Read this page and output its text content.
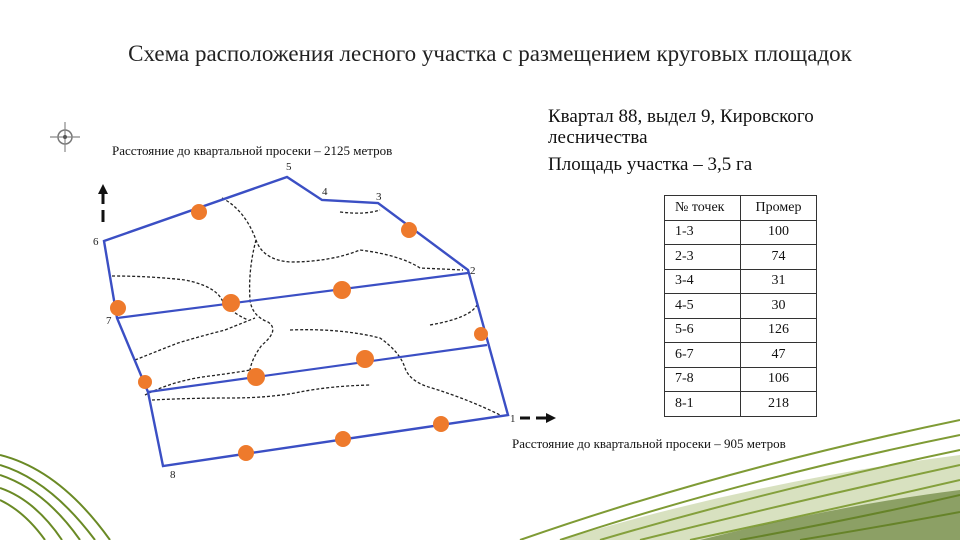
Схема расположения лесного участка с размещением круговых площадок
Расстояние до квартальной просеки – 2125 метров
Квартал 88, выдел 9, Кировского лесничества
Площадь участка – 3,5 га
1
2
3
4
5
6
7
8
№ точек	Промер
1-3	100
2-3	74
3-4	31
4-5	30
5-6	126
6-7	47
7-8	106
8-1	218
Расстояние до квартальной просеки – 905 метров
